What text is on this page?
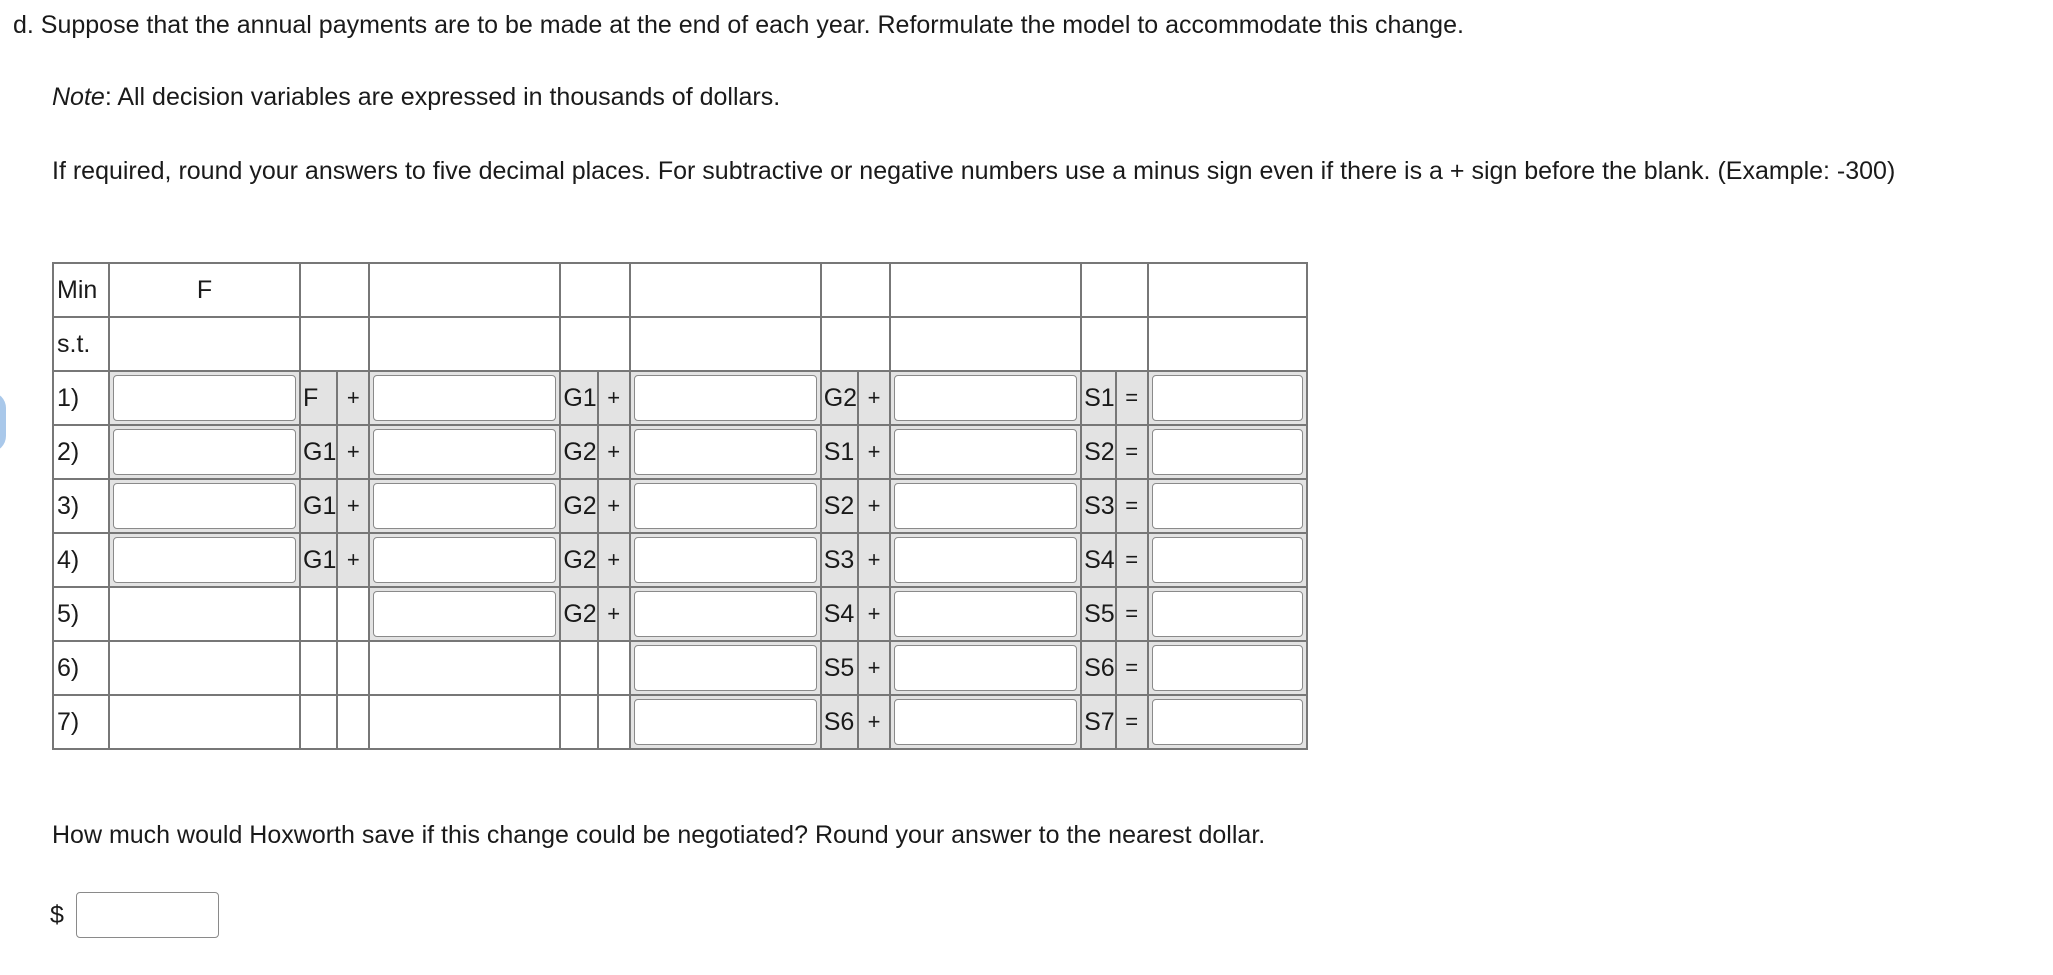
d. Suppose that the annual payments are to be made at the end of each year. Reformulate the model to accommodate this change.
Note: All decision variables are expressed in thousands of dollars.
If required, round your answers to five decimal places. For subtractive or negative numbers use a minus sign even if there is a + sign before the blank. (Example: -300)
Min	F												
s.t.													
1)		F	+		G1	+		G2	+		S1	=	

2)		G1	+		G2	+		S1	+		S2	=	

3)		G1	+		G2	+		S2	+		S3	=	

4)		G1	+		G2	+		S3	+		S4	=	

5)					G2	+		S4	+		S5	=	

6)								S5	+		S6	=	

7)								S6	+		S7	=	
How much would Hoxworth save if this change could be negotiated? Round your answer to the nearest dollar.
$
